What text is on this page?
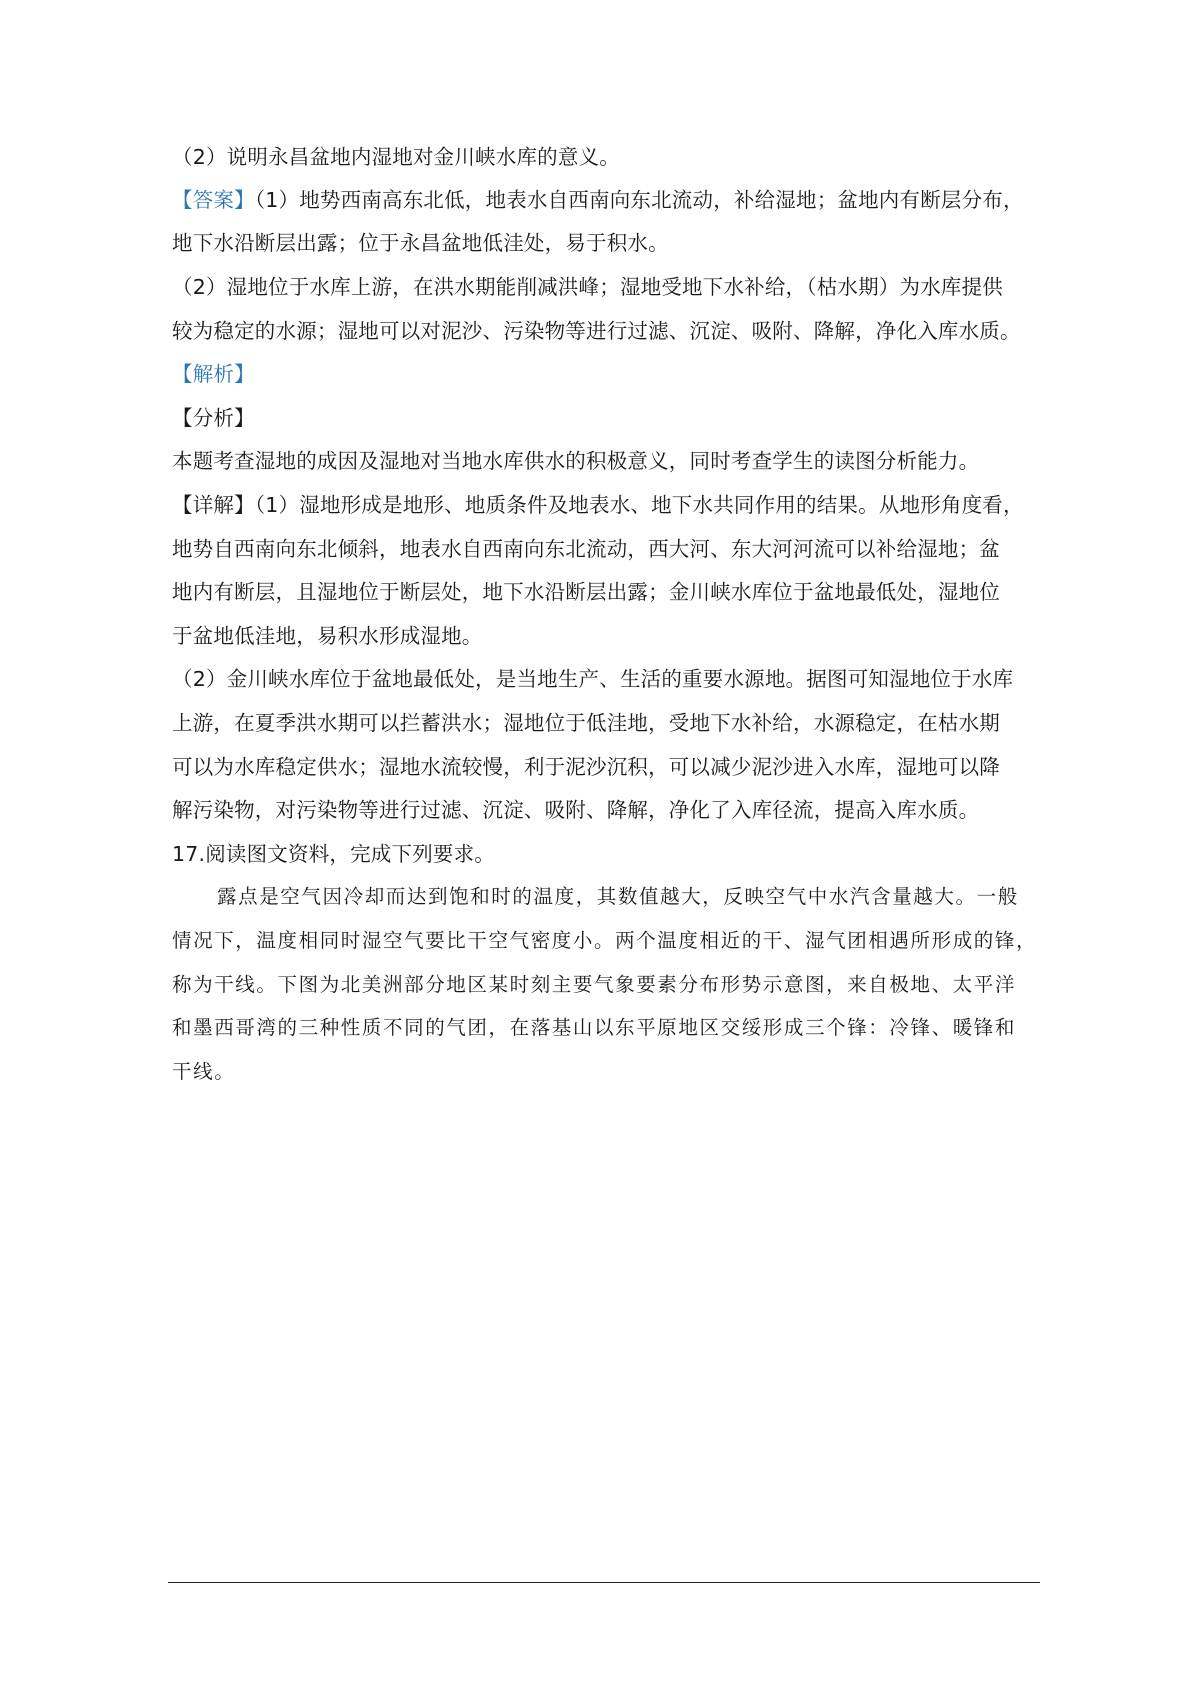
（2）说明永昌盆地内湿地对金川峡水库的意义。
【答案】（1）地势西南高东北低，地表水自西南向东北流动，补给湿地；盆地内有断层分布，
地下水沿断层出露；位于永昌盆地低洼处，易于积水。
（2）湿地位于水库上游，在洪水期能削减洪峰；湿地受地下水补给，（枯水期）为水库提供
较为稳定的水源；湿地可以对泥沙、污染物等进行过滤、沉淀、吸附、降解，净化入库水质。
【解析】
【分析】
本题考查湿地的成因及湿地对当地水库供水的积极意义，同时考查学生的读图分析能力。
【详解】（1）湿地形成是地形、地质条件及地表水、地下水共同作用的结果。从地形角度看，
地势自西南向东北倾斜，地表水自西南向东北流动，西大河、东大河河流可以补给湿地；盆
地内有断层，且湿地位于断层处，地下水沿断层出露；金川峡水库位于盆地最低处，湿地位
于盆地低洼地，易积水形成湿地。
（2）金川峡水库位于盆地最低处，是当地生产、生活的重要水源地。据图可知湿地位于水库
上游，在夏季洪水期可以拦蓄洪水；湿地位于低洼地，受地下水补给，水源稳定，在枯水期
可以为水库稳定供水；湿地水流较慢，利于泥沙沉积，可以减少泥沙进入水库，湿地可以降
解污染物，对污染物等进行过滤、沉淀、吸附、降解，净化了入库径流，提高入库水质。
17.阅读图文资料，完成下列要求。
露点是空气因冷却而达到饱和时的温度，其数值越大，反映空气中水汽含量越大。一般
情况下，温度相同时湿空气要比干空气密度小。两个温度相近的干、湿气团相遇所形成的锋，
称为干线。下图为北美洲部分地区某时刻主要气象要素分布形势示意图，来自极地、太平洋
和墨西哥湾的三种性质不同的气团，在落基山以东平原地区交绥形成三个锋：冷锋、暖锋和
干线。
